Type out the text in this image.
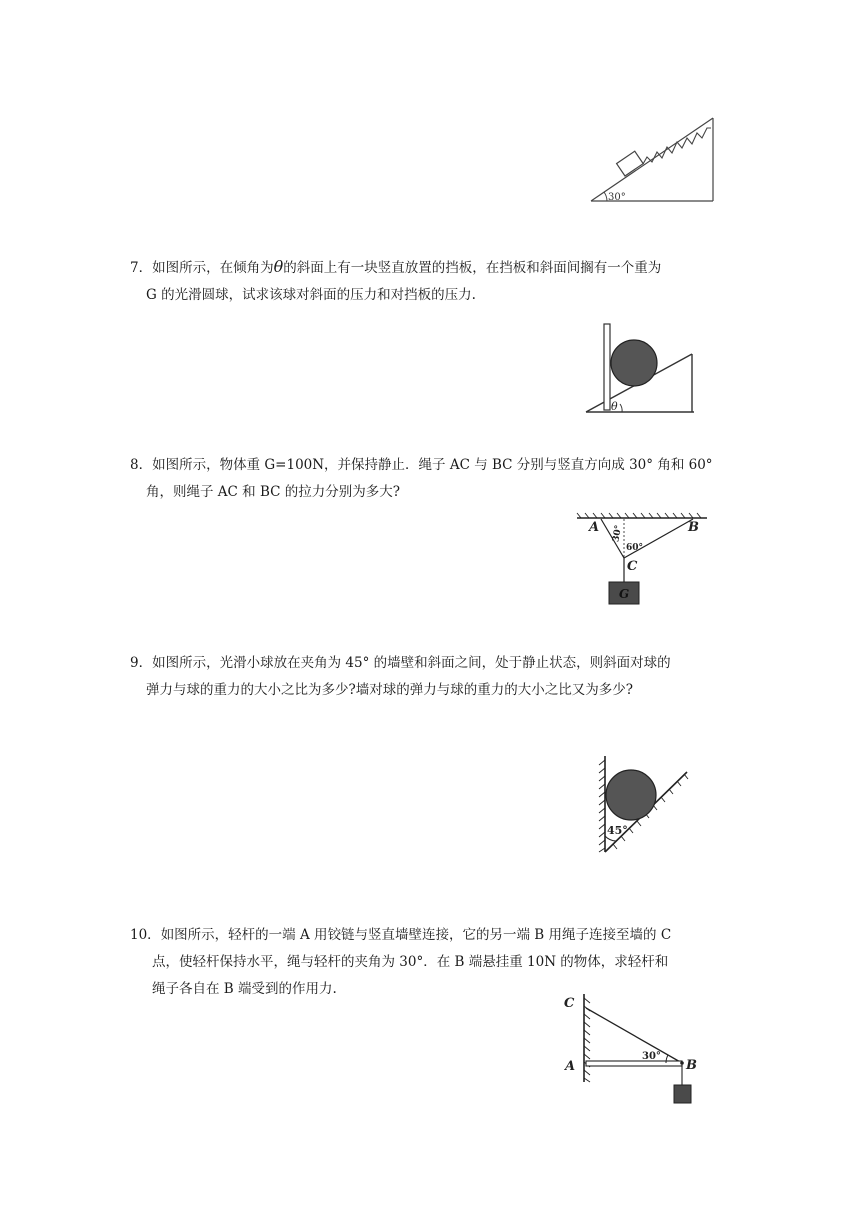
30°
7．如图所示，在倾角为θ的斜面上有一块竖直放置的挡板，在挡板和斜面间搁有一个重为
G 的光滑圆球，试求该球对斜面的压力和对挡板的压力.
θ
8．如图所示，物体重 G=100N，并保持静止．绳子 AC 与 BC 分别与竖直方向成 30° 角和 60°
角，则绳子 AC 和 BC 的拉力分别为多大?
A	B
C
30°
60°
G
9．如图所示，光滑小球放在夹角为 45° 的墙壁和斜面之间，处于静止状态，则斜面对球的
弹力与球的重力的大小之比为多少?墙对球的弹力与球的重力的大小之比又为多少?
45°
10．如图所示，轻杆的一端 A 用铰链与竖直墙壁连接，它的另一端 B 用绳子连接至墙的 C
点，使轻杆保持水平，绳与轻杆的夹角为 30°．在 B 端悬挂重 10N 的物体，求轻杆和
绳子各自在 B 端受到的作用力.
C
A	B
30°
